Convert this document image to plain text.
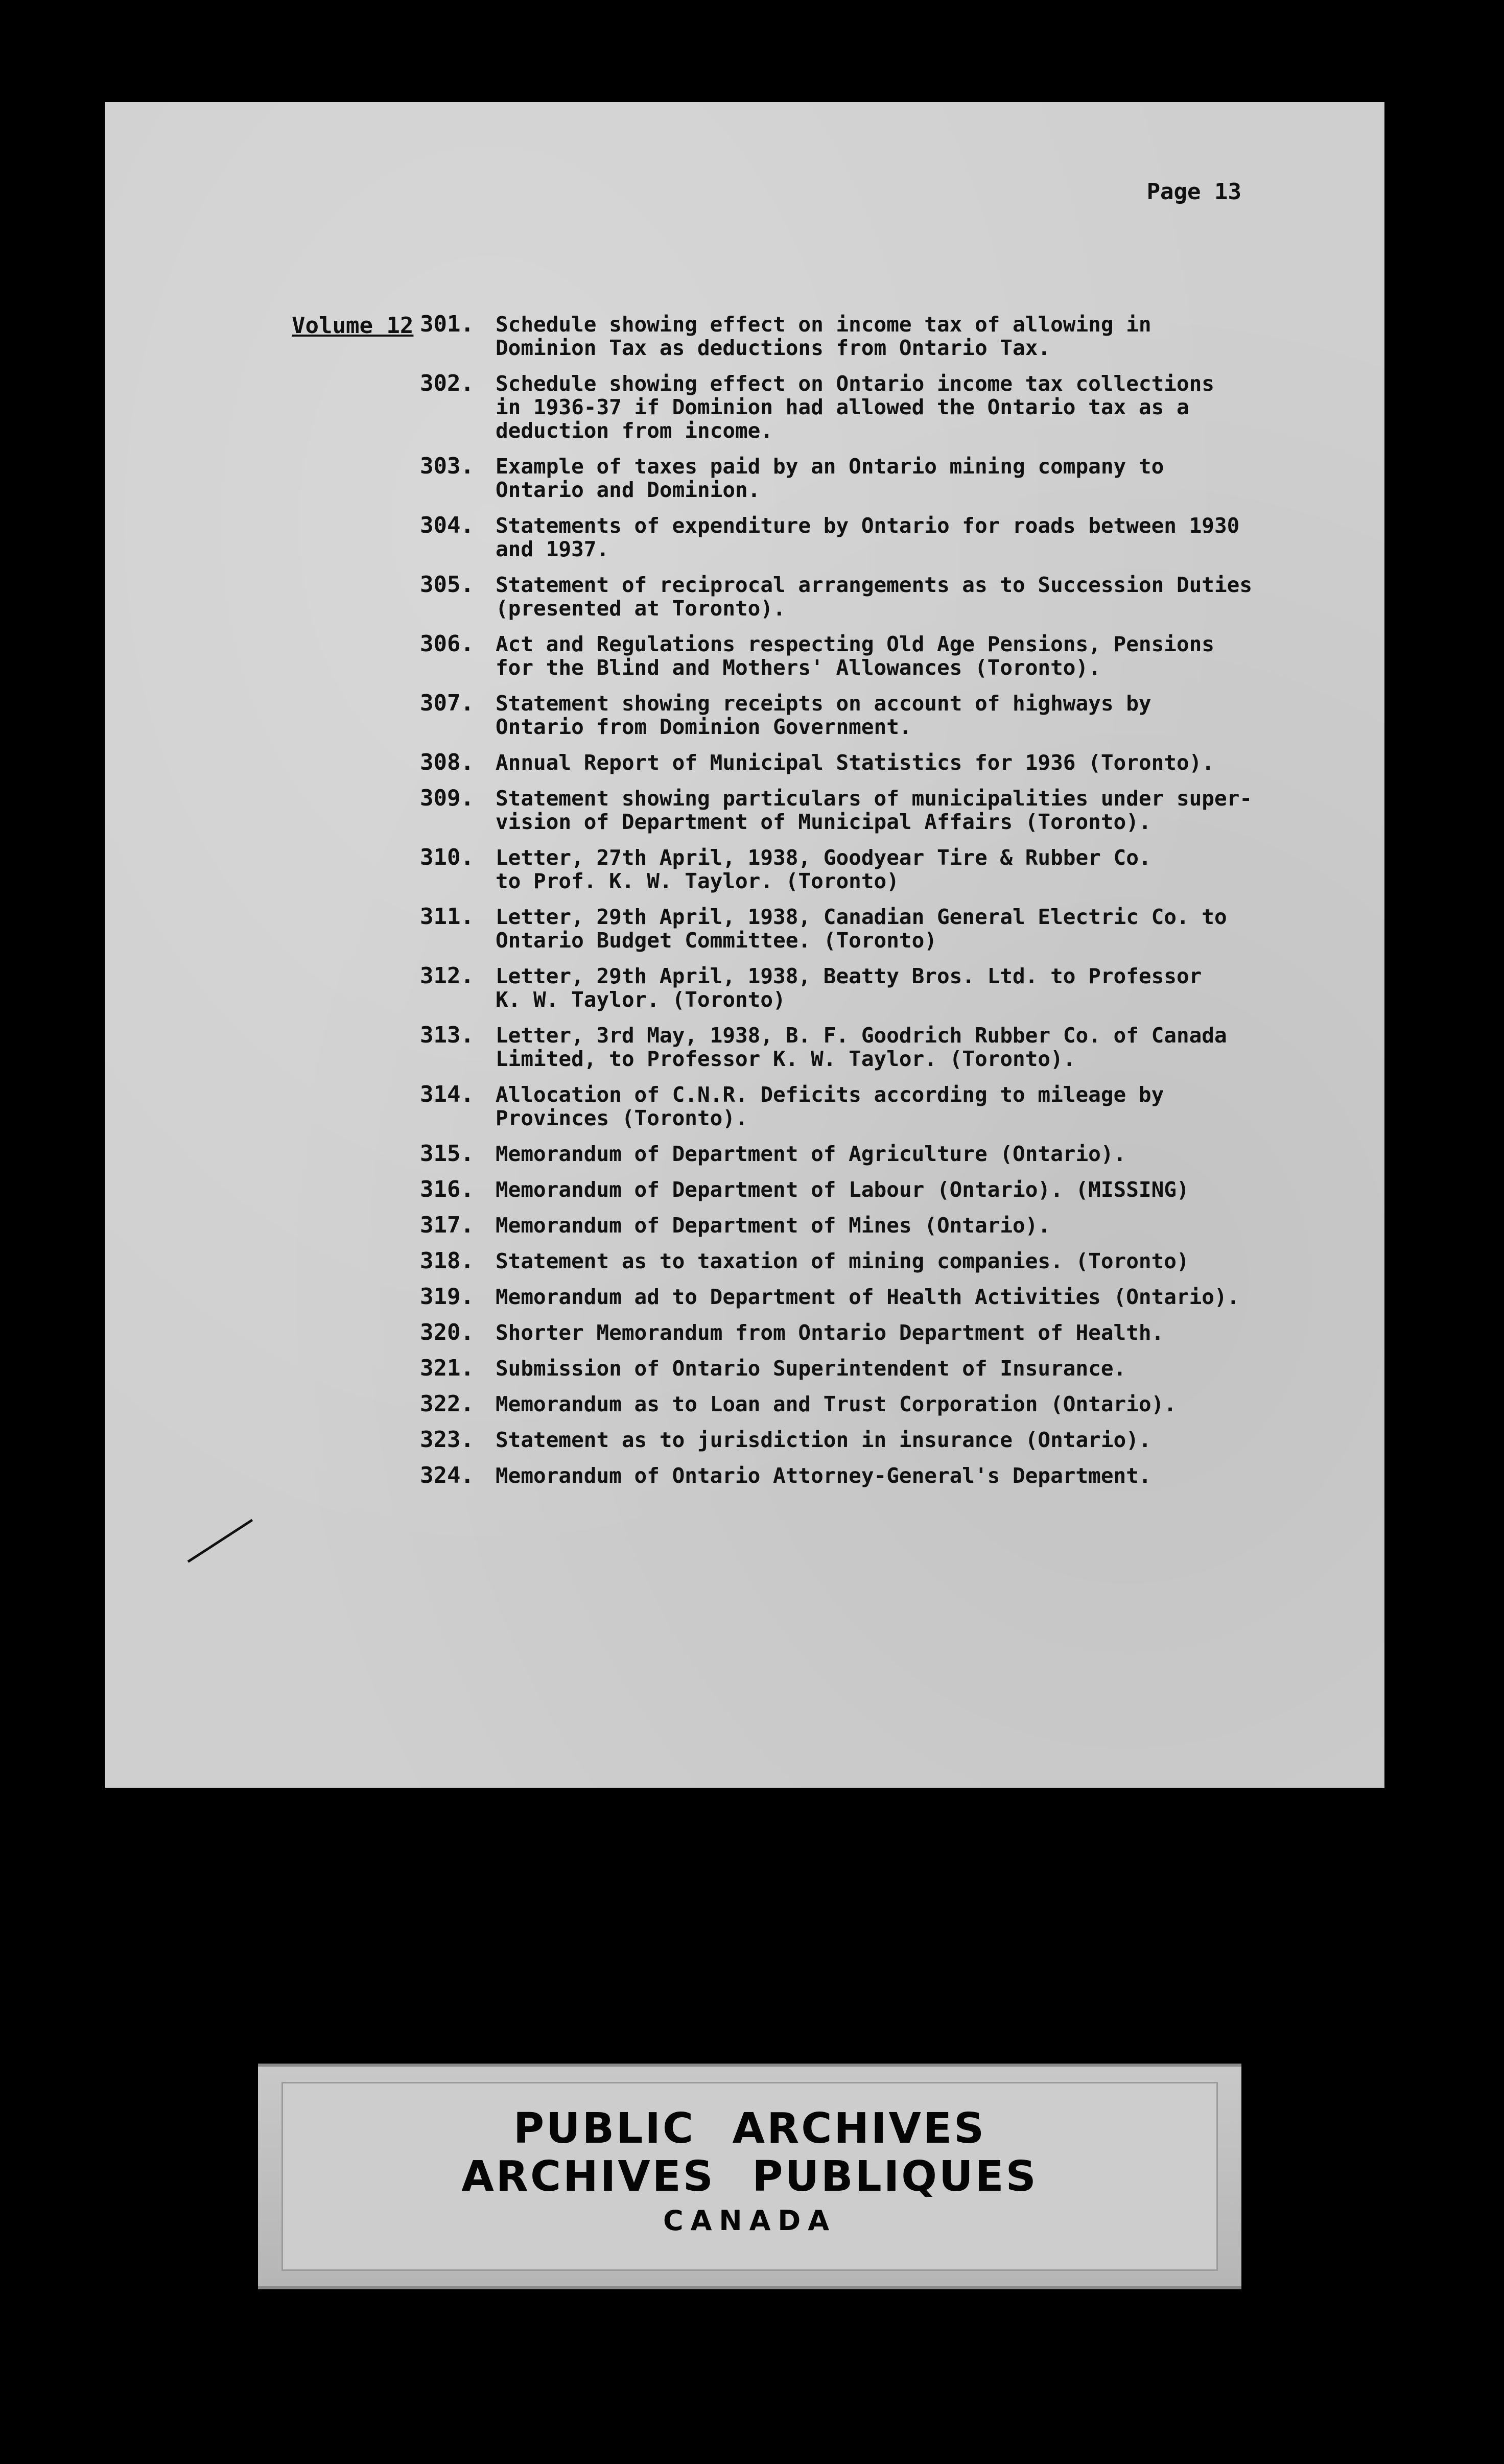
Page 13
Volume 12 301.	Schedule showing effect on income tax of allowing in
Dominion Tax as deductions from Ontario Tax.
302.	Schedule showing effect on Ontario income tax collections
in 1936-37 if Dominion had allowed the Ontario tax as a
deduction from income.
303.	Example of taxes paid by an Ontario mining company to
Ontario and Dominion.
304.	Statements of expenditure by Ontario for roads between 1930
and 1937.
305.	Statement of reciprocal arrangements as to Succession Duties
(presented at Toronto).
306.	Act and Regulations respecting Old Age Pensions, Pensions
for the Blind and Mothers' Allowances (Toronto).
307.	Statement showing receipts on account of highways by
Ontario from Dominion Government.
308.	Annual Report of Municipal Statistics for 1936 (Toronto).
309.	Statement showing particulars of municipalities under super-
vision of Department of Municipal Affairs (Toronto).
310.	Letter, 27th April, 1938, Goodyear Tire & Rubber Co.
to Prof. K. W. Taylor. (Toronto)
311.	Letter, 29th April, 1938, Canadian General Electric Co. to
Ontario Budget Committee. (Toronto)
312.	Letter, 29th April, 1938, Beatty Bros. Ltd. to Professor
K. W. Taylor. (Toronto)
313.	Letter, 3rd May, 1938, B. F. Goodrich Rubber Co. of Canada
Limited, to Professor K. W. Taylor. (Toronto).
314.	Allocation of C.N.R. Deficits according to mileage by
Provinces (Toronto).
315.	Memorandum of Department of Agriculture (Ontario).
316.	Memorandum of Department of Labour (Ontario). (MISSING)
317.	Memorandum of Department of Mines (Ontario).
318.	Statement as to taxation of mining companies. (Toronto)
319.	Memorandum ad to Department of Health Activities (Ontario).
320.	Shorter Memorandum from Ontario Department of Health.
321.	Submission of Ontario Superintendent of Insurance.
322.	Memorandum as to Loan and Trust Corporation (Ontario).
323.	Statement as to jurisdiction in insurance (Ontario).
324.	Memorandum of Ontario Attorney-General's Department.
PUBLIC ARCHIVES
ARCHIVES PUBLIQUES
CANADA
